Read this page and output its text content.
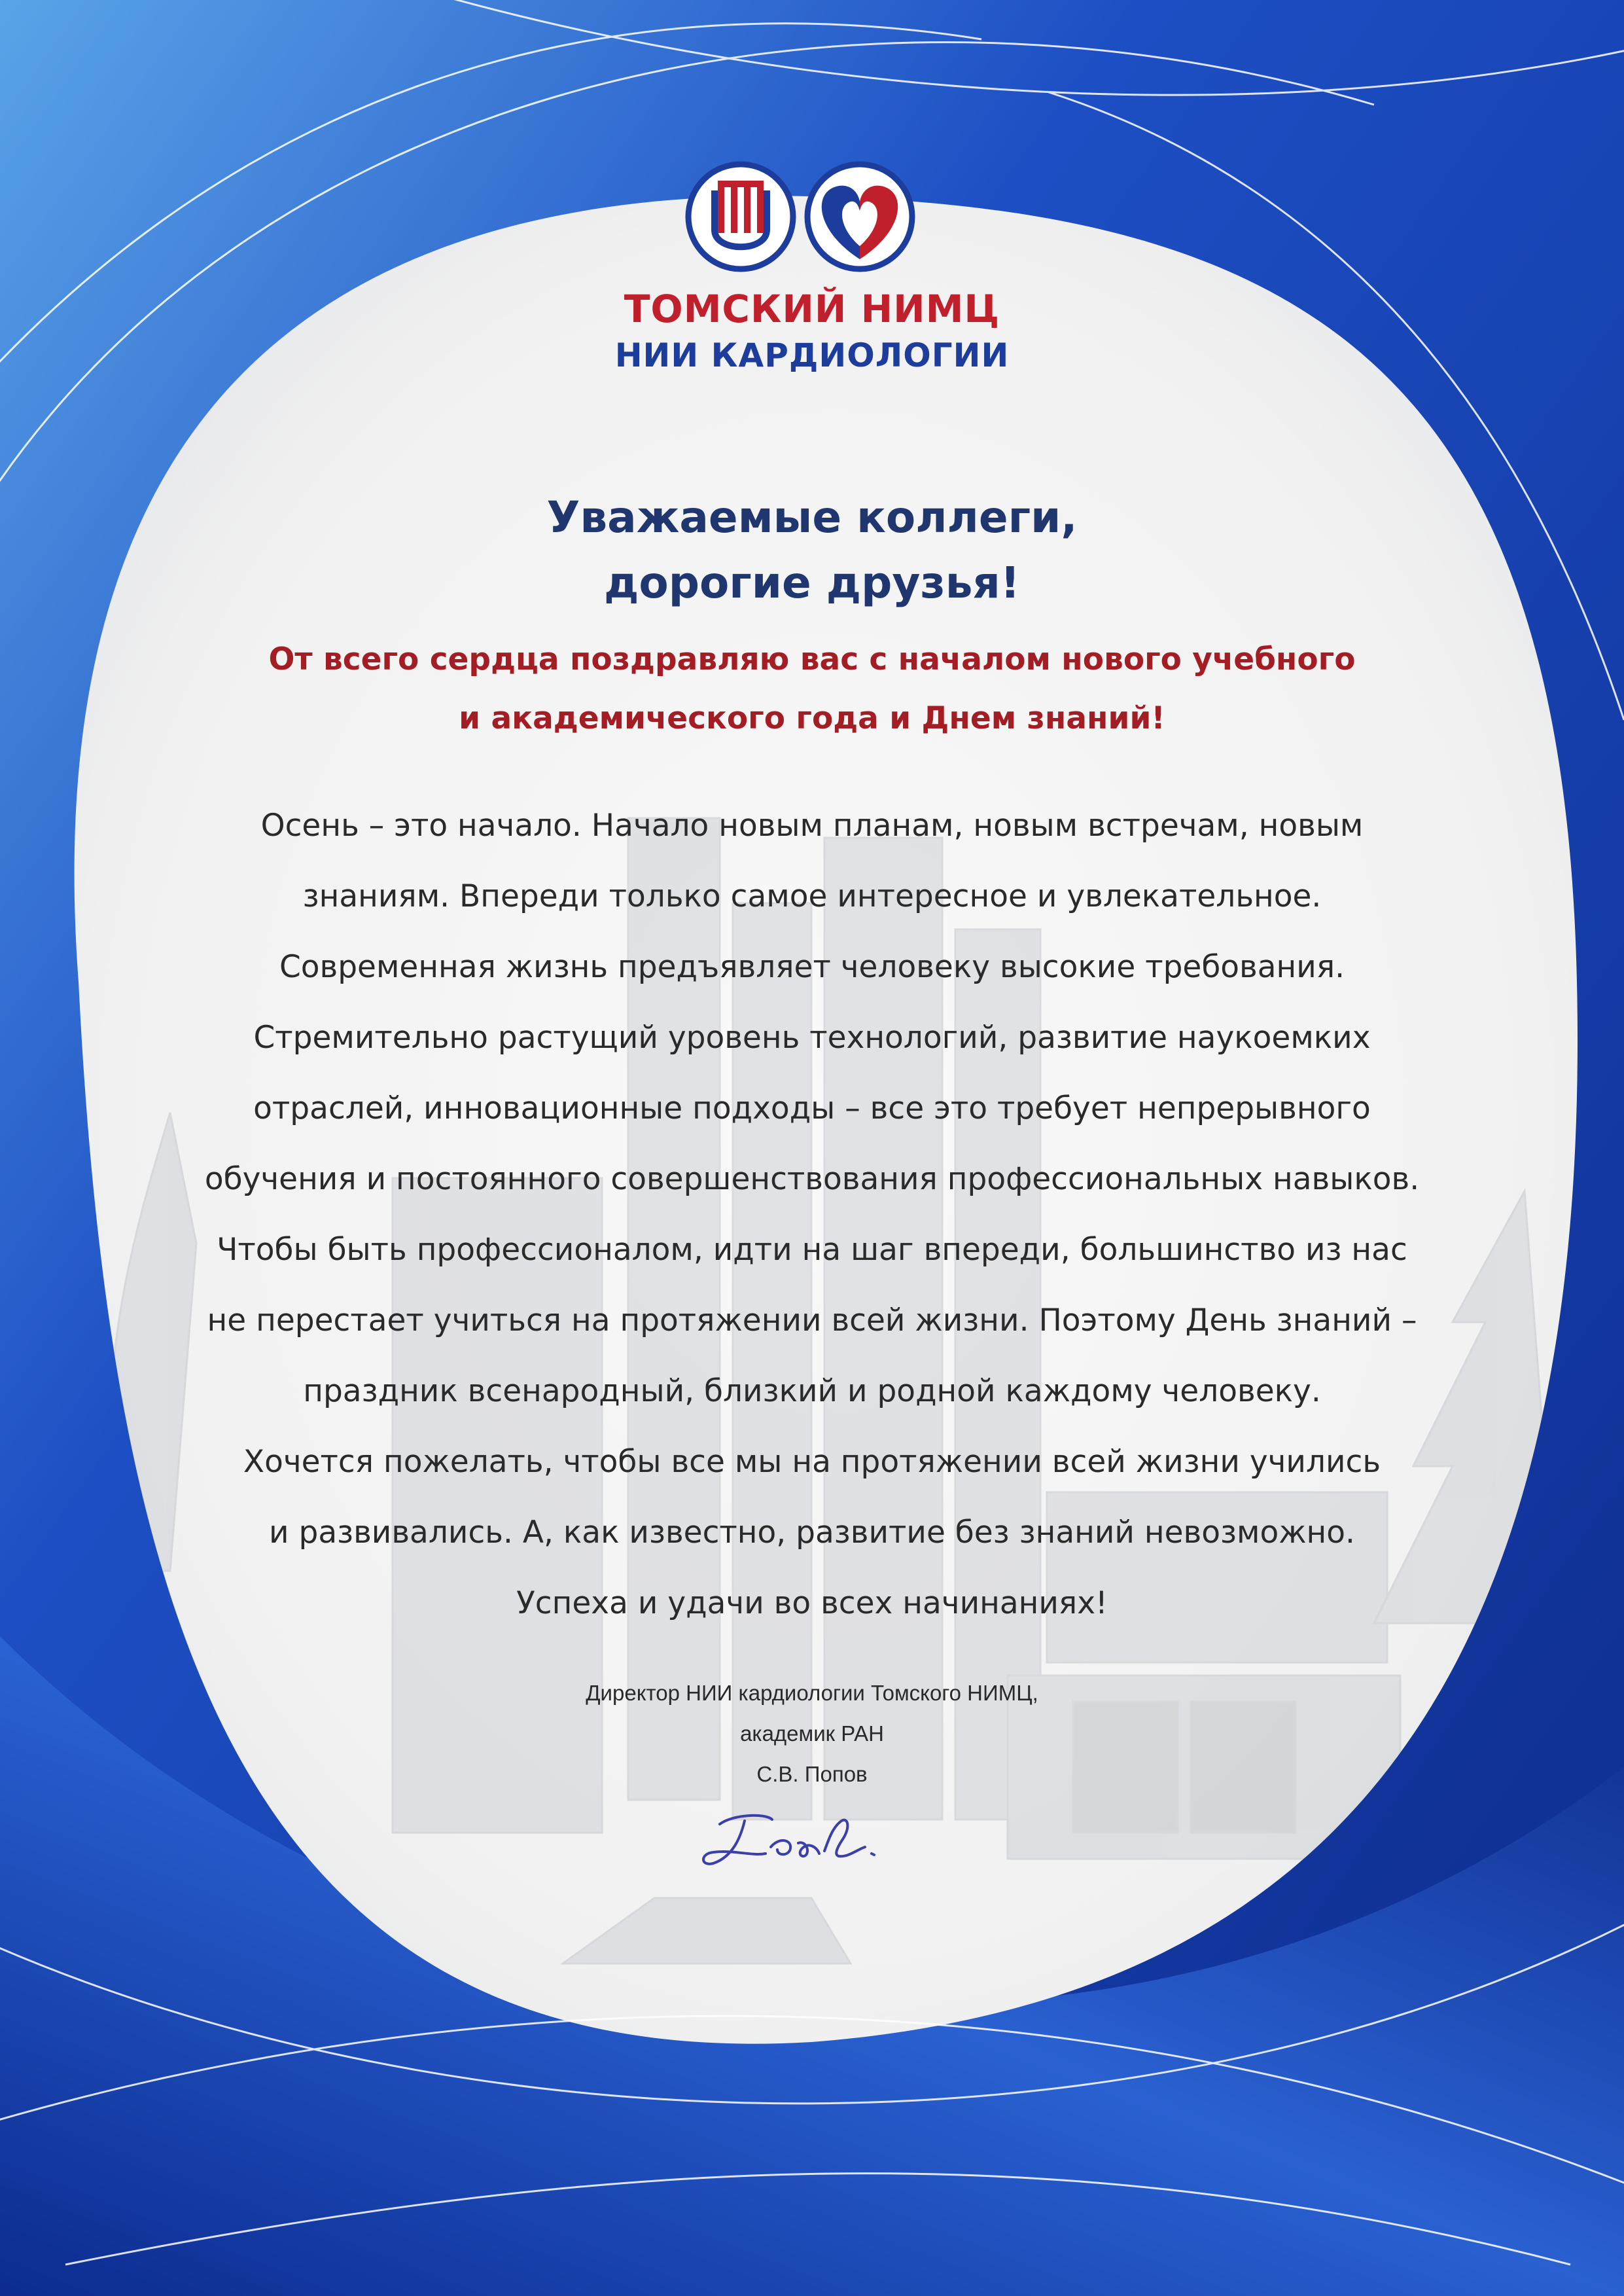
ТОМСКИЙ НИМЦ
НИИ КАРДИОЛОГИИ
Уважаемые коллеги,
дорогие друзья!
От всего сердца поздравляю вас с началом нового учебного
и академического года и Днем знаний!
Осень – это начало. Начало новым планам, новым встречам, новым
знаниям. Впереди только самое интересное и увлекательное.
Современная жизнь предъявляет человеку высокие требования.
Стремительно растущий уровень технологий, развитие наукоемких
отраслей, инновационные подходы – все это требует непрерывного
обучения и постоянного совершенствования профессиональных навыков.
Чтобы быть профессионалом, идти на шаг впереди, большинство из нас
не перестает учиться на протяжении всей жизни. Поэтому День знаний –
праздник всенародный, близкий и родной каждому человеку.
Хочется пожелать, чтобы все мы на протяжении всей жизни учились
и развивались. А, как известно, развитие без знаний невозможно.
Успеха и удачи во всех начинаниях!
Директор НИИ кардиологии Томского НИМЦ,
академик РАН
С.В. Попов
